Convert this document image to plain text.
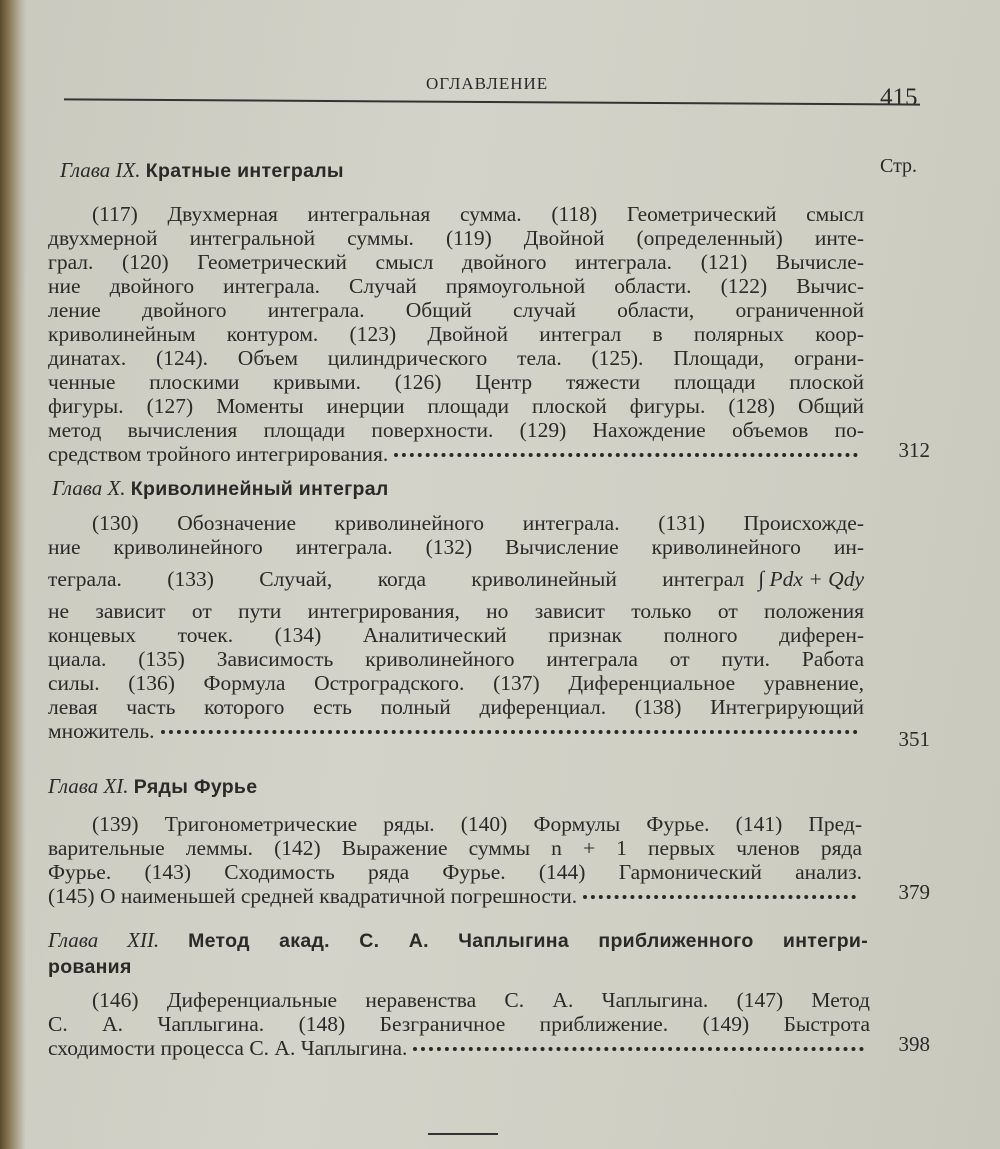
ОГЛАВЛЕНИЕ
415
Стр.
Глава IX. Кратные интегралы
(117) Двухмерная интегральная сумма. (118) Геометрический смысл
двухмерной интегральной суммы. (119) Двойной (определенный) инте-
грал. (120) Геометрический смысл двойного интеграла. (121) Вычисле-
ние двойного интеграла. Случай прямоугольной области. (122) Вычис-
ление двойного интеграла. Общий случай области, ограниченной
криволинейным контуром. (123) Двойной интеграл в полярных коор-
динатах. (124). Объем цилиндрического тела. (125). Площади, ограни-
ченные плоскими кривыми. (126) Центр тяжести площади плоской
фигуры. (127) Моменты инерции площади плоской фигуры. (128) Общий
метод вычисления площади поверхности. (129) Нахождение объемов по-
средством тройного интегрирования.	312
Глава X. Криволинейный интеграл
(130) Обозначение криволинейного интеграла. (131) Происхожде-
ние криволинейного интеграла. (132) Вычисление криволинейного ин-
теграла. (133) Случай, когда криволинейный интеграл ∫ Pdx + Qdy
не зависит от пути интегрирования, но зависит только от положения
концевых точек. (134) Аналитический признак полного диферен-
циала. (135) Зависимость криволинейного интеграла от пути. Работа
силы. (136) Формула Остроградского. (137) Диференциальное уравнение,
левая часть которого есть полный диференциал. (138) Интегрирующий
множитель.	351
Глава XI. Ряды Фурье
(139) Тригонометрические ряды. (140) Формулы Фурье. (141) Пред-
варительные леммы. (142) Выражение суммы n + 1 первых членов ряда
Фурье. (143) Сходимость ряда Фурье. (144) Гармонический анализ.
(145) О наименьшей средней квадратичной погрешности.	379
Глава XII. Метод акад. С. А. Чаплыгина приближенного интегри-
рования
(146) Диференциальные неравенства С. А. Чаплыгина. (147) Метод
С. А. Чаплыгина. (148) Безграничное приближение. (149) Быстрота
сходимости процесса С. А. Чаплыгина.	398
